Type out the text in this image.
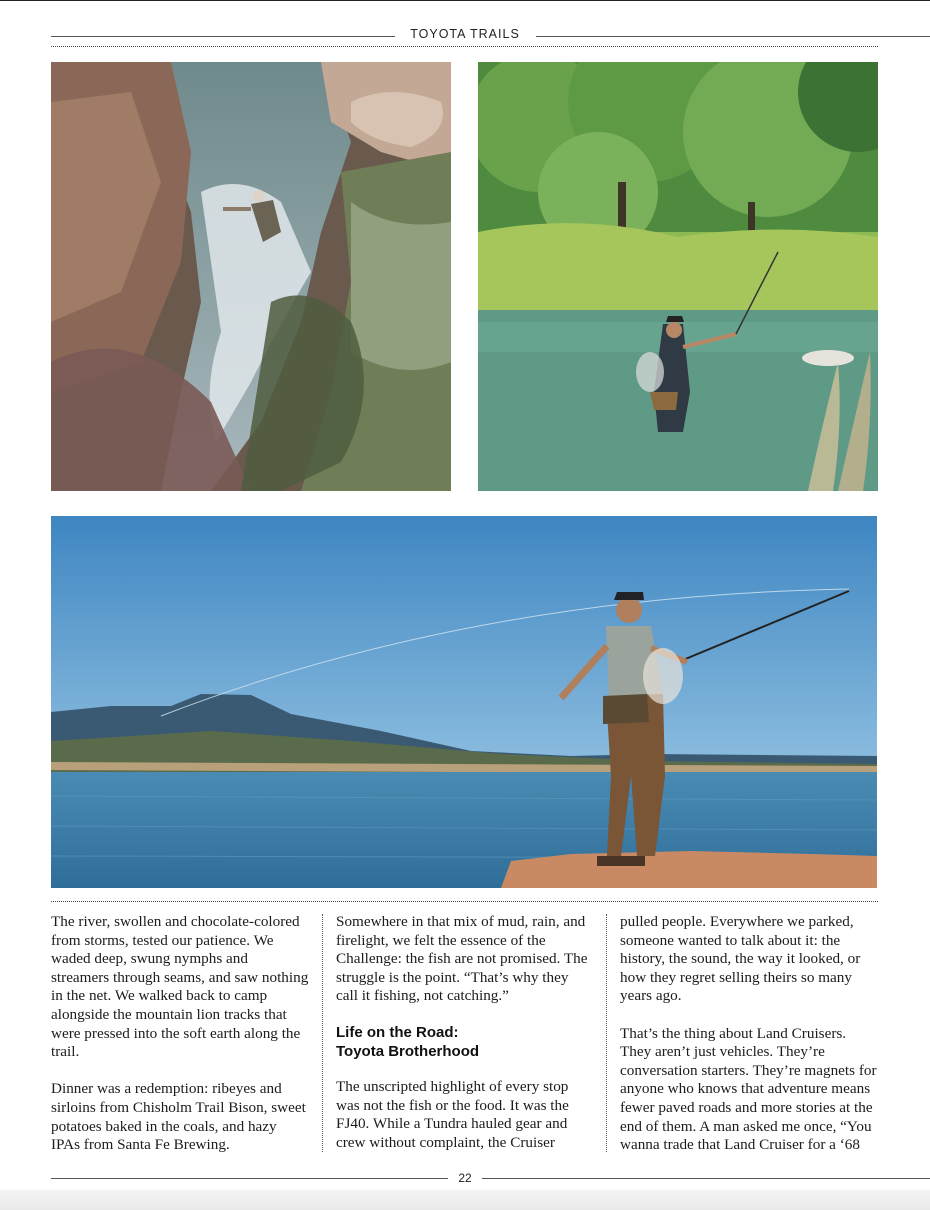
TOYOTA TRAILS

The river, swollen and chocolate-colored from storms, tested our patience. We waded deep, swung nymphs and streamers through seams, and saw nothing in the net. We walked back to camp alongside the mountain lion tracks that were pressed into the soft earth along the trail.

Dinner was a redemption: ribeyes and sirloins from Chisholm Trail Bison, sweet potatoes baked in the coals, and hazy IPAs from Santa Fe Brewing.

Somewhere in that mix of mud, rain, and firelight, we felt the essence of the Challenge: the fish are not promised. The struggle is the point. “That’s why they call it fishing, not catching.”

Life on the Road:
Toyota Brotherhood

The unscripted highlight of every stop was not the fish or the food. It was the FJ40. While a Tundra hauled gear and crew without complaint, the Cruiser

pulled people. Everywhere we parked, someone wanted to talk about it: the history, the sound, the way it looked, or how they regret selling theirs so many years ago.

That’s the thing about Land Cruisers. They aren’t just vehicles. They’re conversation starters. They’re magnets for anyone who knows that adventure means fewer paved roads and more stories at the end of them. A man asked me once, “You wanna trade that Land Cruiser for a ‘68

22
